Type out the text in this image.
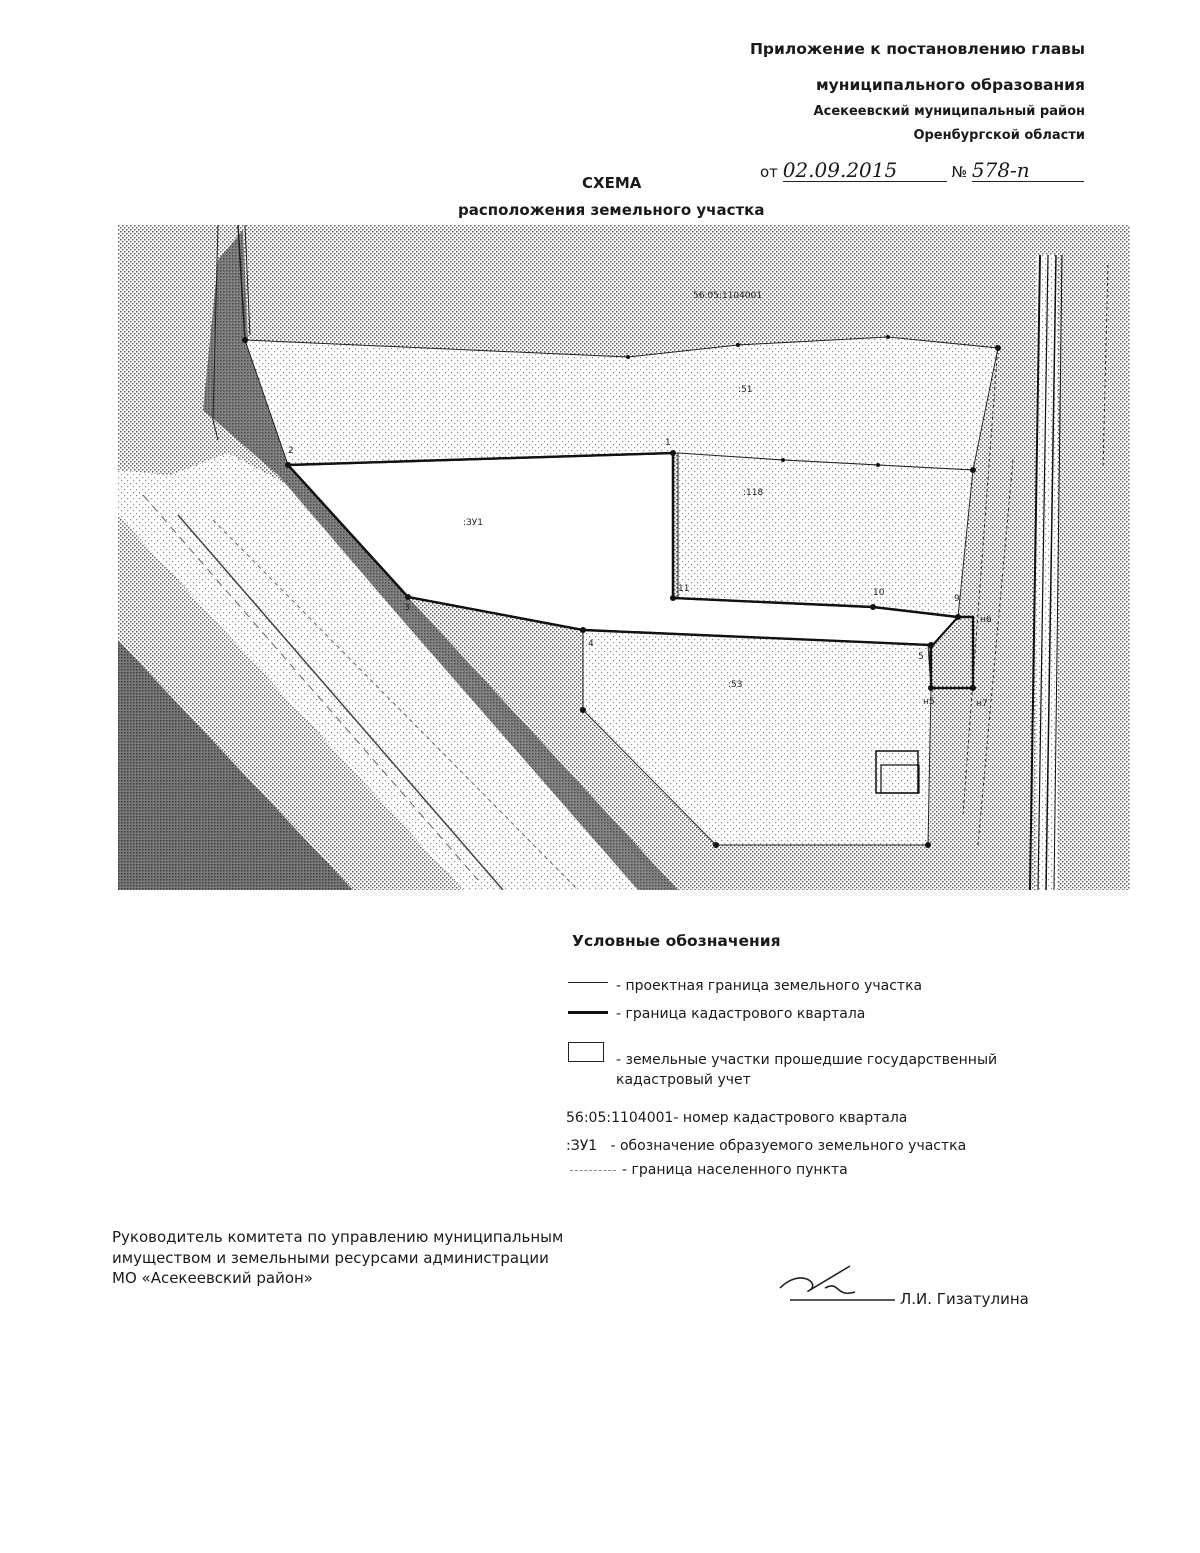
Приложение к постановлению главы

муниципального образования

Асекеевский муниципальный район

Оренбургской области

от 02.09.2015	№ 578-п
СХЕМА
расположения земельного участка
56:05:1104001
:51
:118
:ЗУ1
:53
1
2
3
4
5
9
10
11
н5
н6
н7
Условные обозначения
- проектная граница земельного участка
- граница кадастрового квартала
- земельные участки прошедшие государственный кадастровый учет
56:05:1104001- номер кадастрового квартала
:ЗУ1   - обозначение образуемого земельного участка
- граница населенного пункта
Руководитель комитета по управлению муниципальным
имуществом и земельными ресурсами администрации
МО «Асекеевский район»
Л.И. Гизатулина
